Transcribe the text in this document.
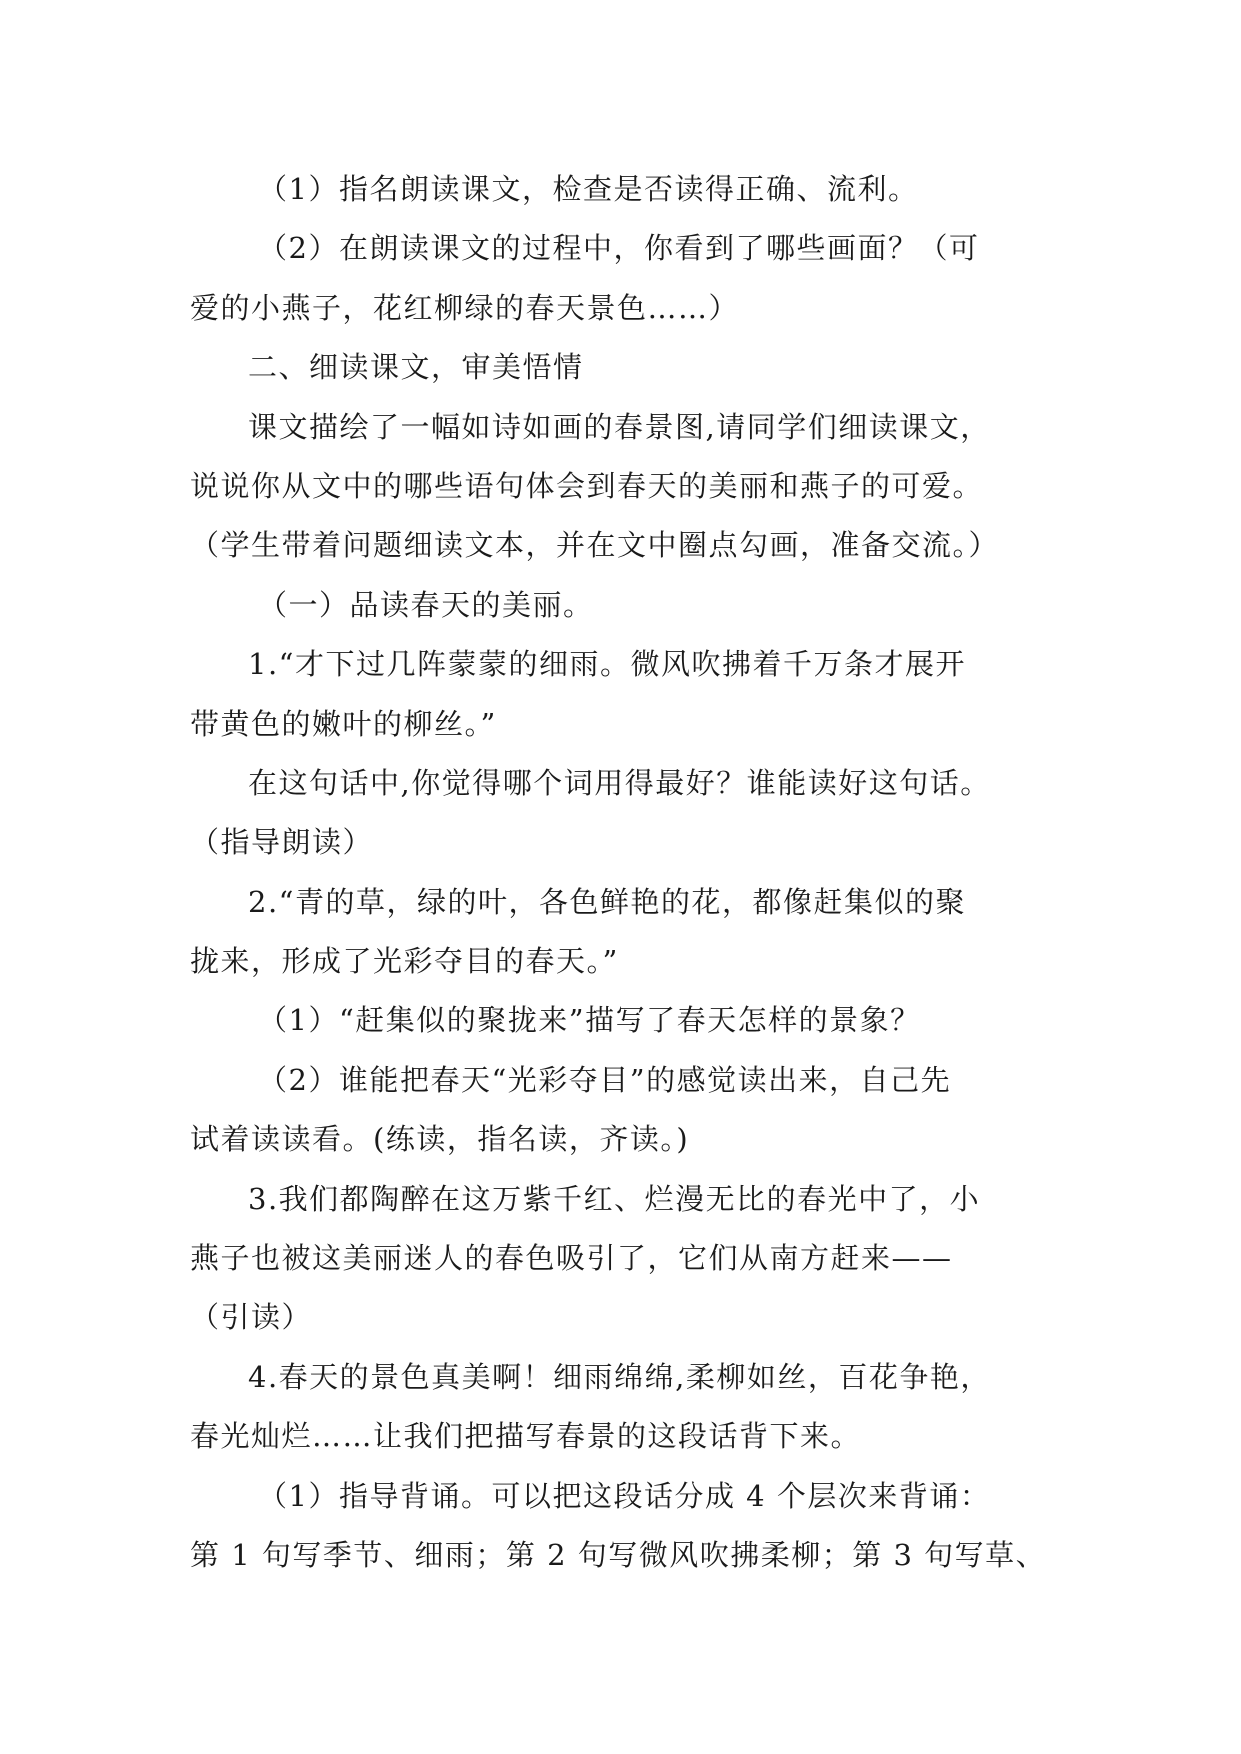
（1）指名朗读课文，检查是否读得正确、流利。
（2）在朗读课文的过程中，你看到了哪些画面？（可
爱的小燕子，花红柳绿的春天景色……）
二、细读课文，审美悟情
课文描绘了一幅如诗如画的春景图,请同学们细读课文，
说说你从文中的哪些语句体会到春天的美丽和燕子的可爱。
（学生带着问题细读文本，并在文中圈点勾画，准备交流。）
（一）品读春天的美丽。
1.“才下过几阵蒙蒙的细雨。微风吹拂着千万条才展开
带黄色的嫩叶的柳丝。”
在这句话中,你觉得哪个词用得最好？谁能读好这句话。
（指导朗读）
2.“青的草，绿的叶，各色鲜艳的花，都像赶集似的聚
拢来，形成了光彩夺目的春天。”
（1）“赶集似的聚拢来”描写了春天怎样的景象？
（2）谁能把春天“光彩夺目”的感觉读出来，自己先
试着读读看。(练读，指名读，齐读。)
3.我们都陶醉在这万紫千红、烂漫无比的春光中了，小
燕子也被这美丽迷人的春色吸引了，它们从南方赶来——
（引读）
4.春天的景色真美啊！细雨绵绵,柔柳如丝，百花争艳，
春光灿烂……让我们把描写春景的这段话背下来。
（1）指导背诵。可以把这段话分成 4 个层次来背诵：
第 1 句写季节、细雨；第 2 句写微风吹拂柔柳；第 3 句写草、
